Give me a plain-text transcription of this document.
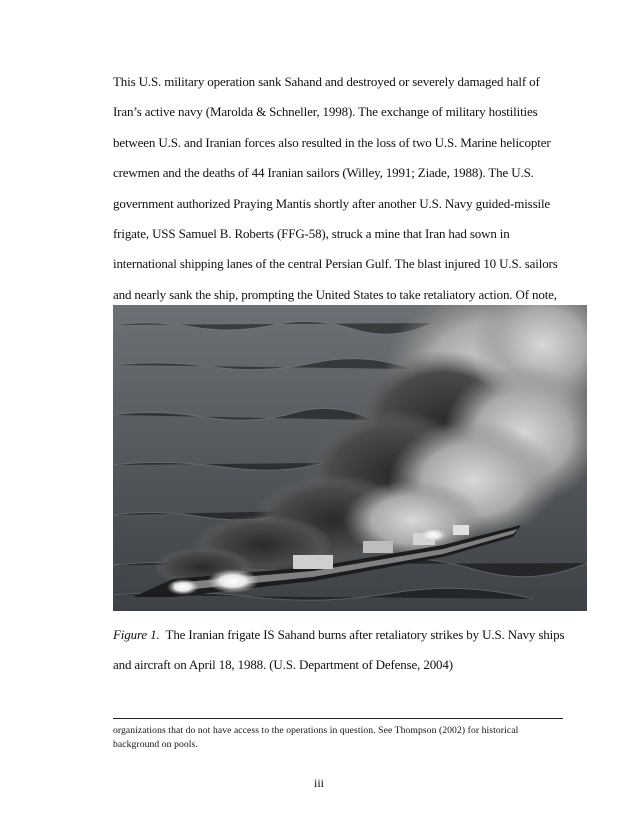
This U.S. military operation sank Sahand and destroyed or severely damaged half of
Iran’s active navy (Marolda & Schneller, 1998). The exchange of military hostilities
between U.S. and Iranian forces also resulted in the loss of two U.S. Marine helicopter
crewmen and the deaths of 44 Iranian sailors (Willey, 1991; Ziade, 1988). The U.S.
government authorized Praying Mantis shortly after another U.S. Navy guided-missile
frigate, USS Samuel B. Roberts (FFG-58), struck a mine that Iran had sown in
international shipping lanes of the central Persian Gulf. The blast injured 10 U.S. sailors
and nearly sank the ship, prompting the United States to take retaliatory action. Of note,
Figure 1.  The Iranian frigate IS Sahand burns after retaliatory strikes by U.S. Navy ships
and aircraft on April 18, 1988. (U.S. Department of Defense, 2004)
organizations that do not have access to the operations in question. See Thompson (2002) for historical
background on pools.
iii
